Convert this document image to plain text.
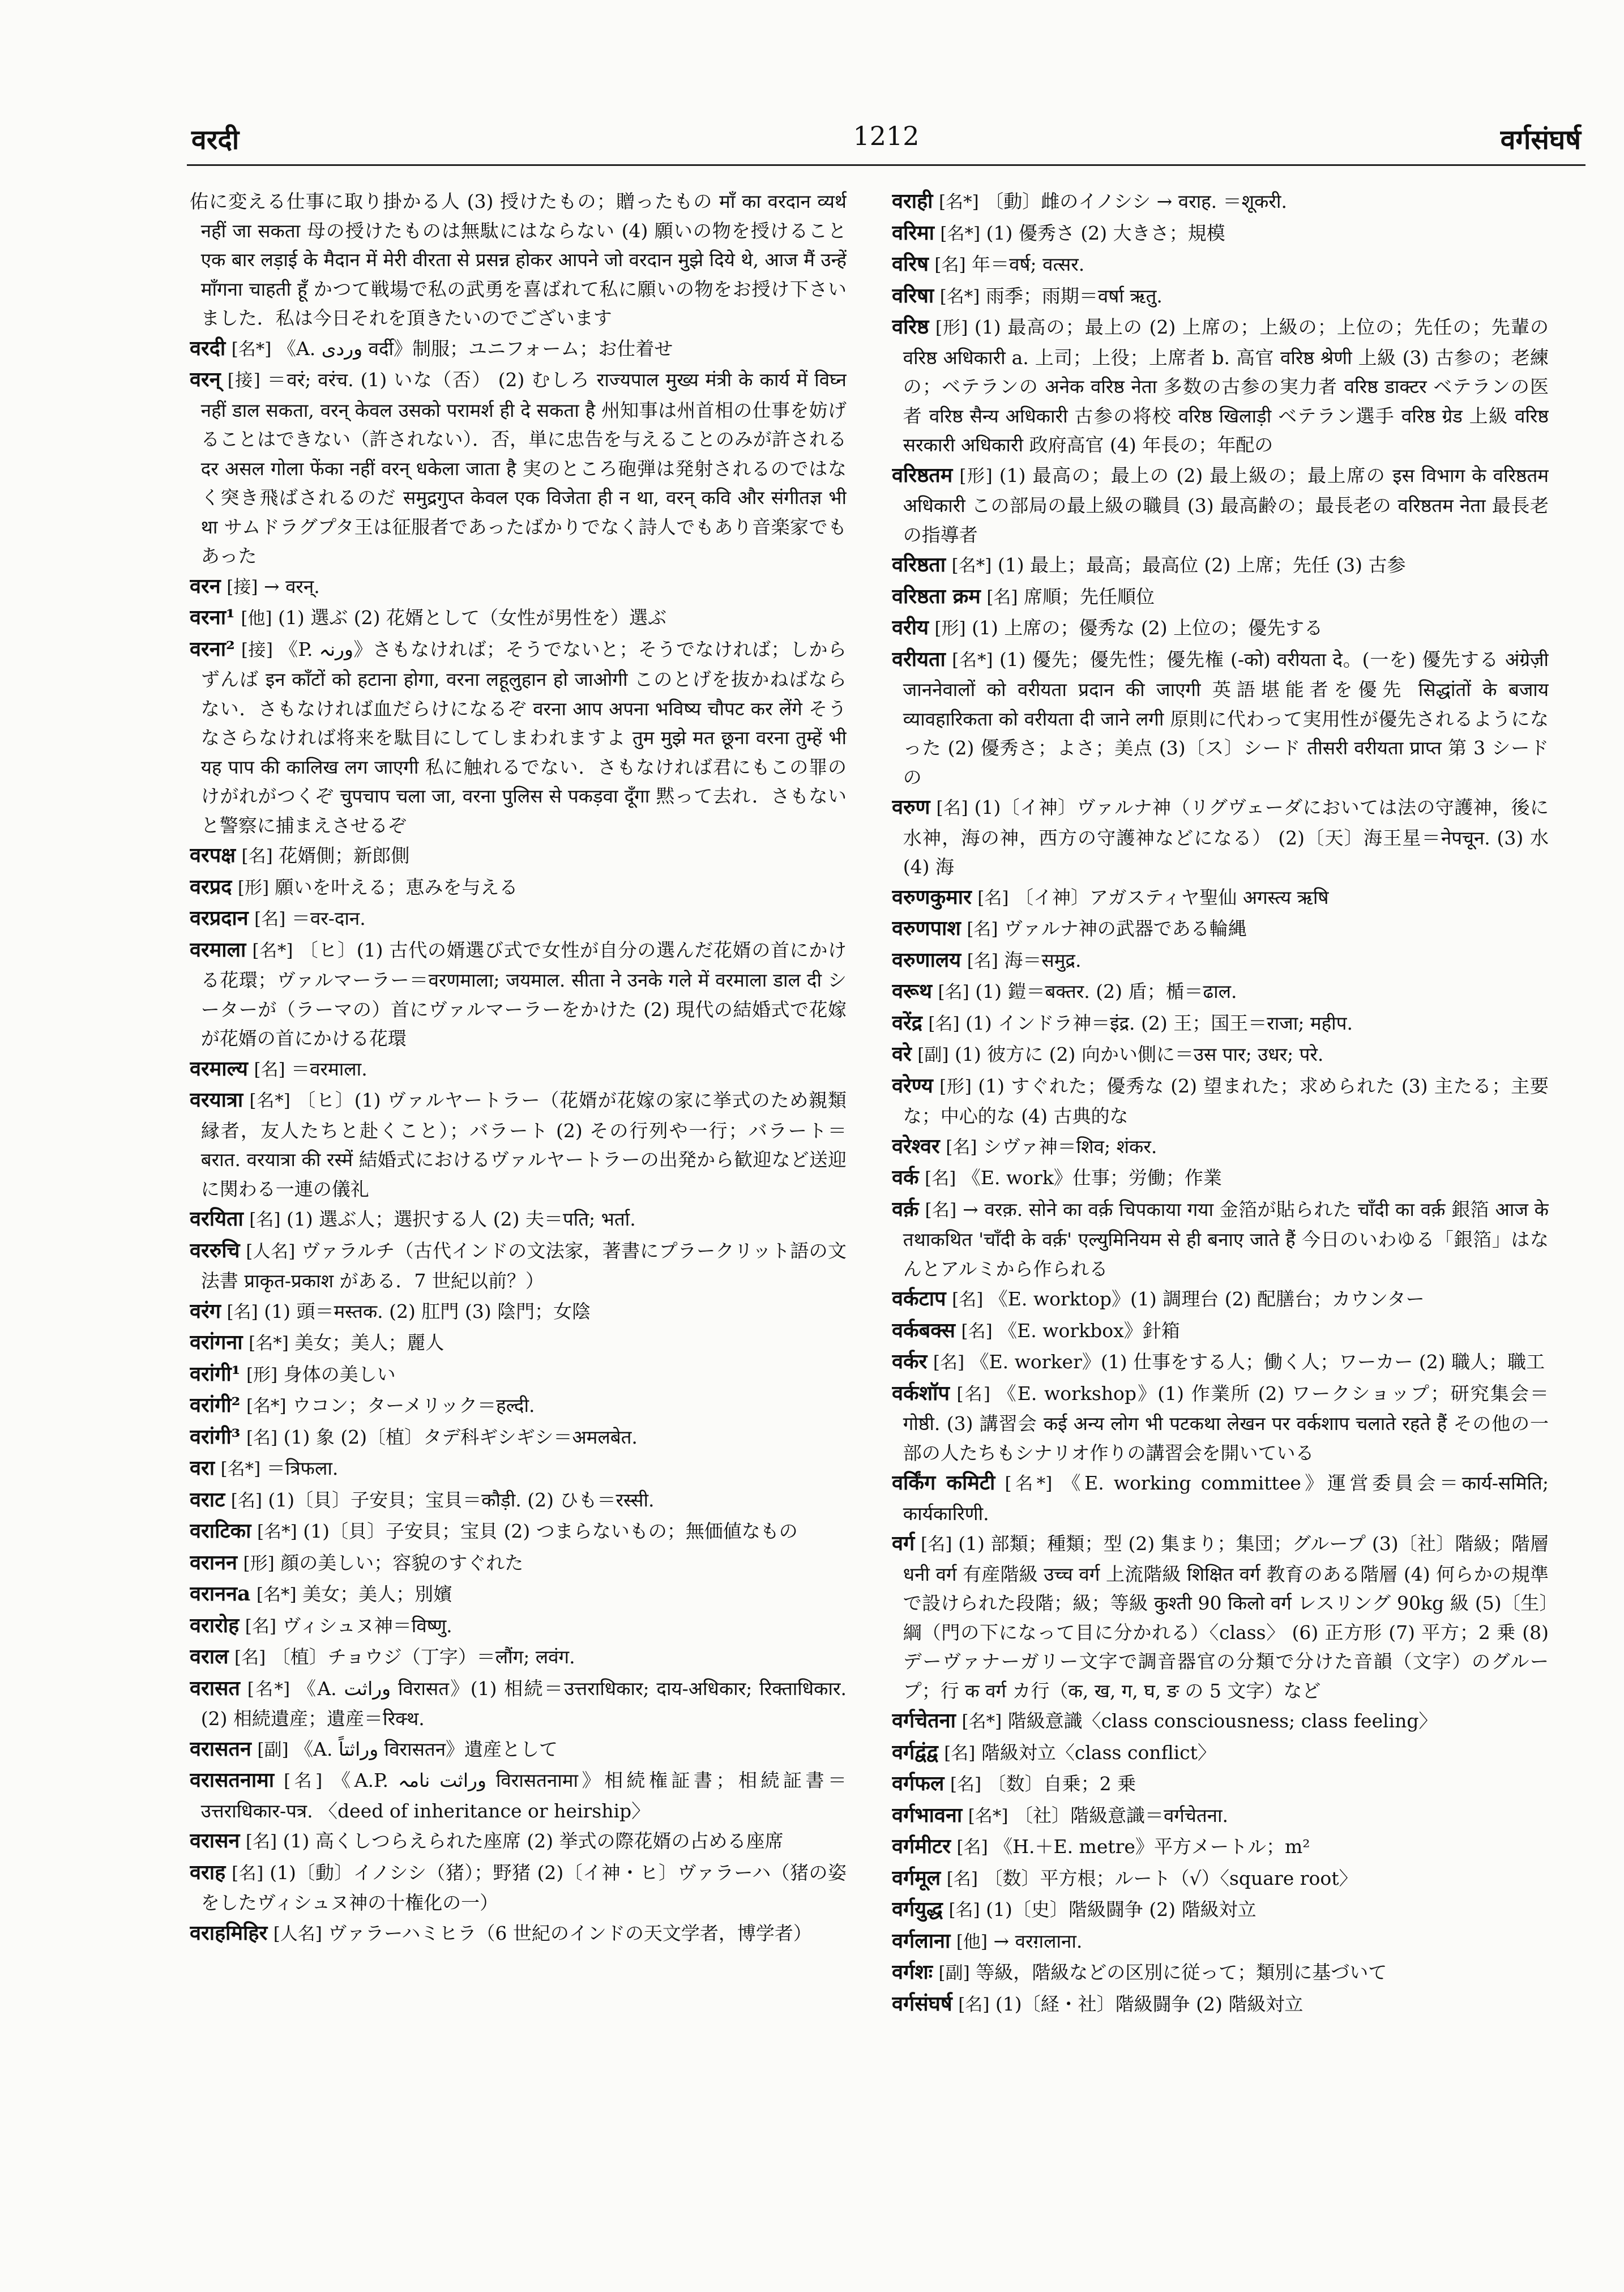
वरदी	1212	वर्गसंघर्ष

佑に変える仕事に取り掛かる人 (3) 授けたもの；贈ったもの माँ का वरदान व्यर्थ नहीं जा सकता 母の授けたものは無駄にはならない (4) 願いの物を授けること एक बार लड़ाई के मैदान में मेरी वीरता से प्रसन्न होकर आपने जो वरदान मुझे दिये थे, आज मैं उन्हें माँगना चाहती हूँ かつて戦場で私の武勇を喜ばれて私に願いの物をお授け下さいました．私は今日それを頂きたいのでございます

वरदी [名*] 《A. وردی वर्दी》制服；ユニフォーム；お仕着せ

वरन् [接] ＝वरं; वरंच. (1) いな（否） (2) むしろ राज्यपाल मुख्य मंत्री के कार्य में विघ्न नहीं डाल सकता, वरन् केवल उसको परामर्श ही दे सकता है 州知事は州首相の仕事を妨げることはできない（許されない）．否，単に忠告を与えることのみが許される दर असल गोला फेंका नहीं वरन् धकेला जाता है 実のところ砲弾は発射されるのではなく突き飛ばされるのだ समुद्रगुप्त केवल एक विजेता ही न था, वरन् कवि और संगीतज्ञ भी था サムドラグプタ王は征服者であったばかりでなく詩人でもあり音楽家でもあった

वरन [接] → वरन्.

वरना¹ [他] (1) 選ぶ (2) 花婿として（女性が男性を）選ぶ

वरना² [接] 《P. ورنہ》さもなければ；そうでないと；そうでなければ；しからずんば इन काँटों को हटाना होगा, वरना लहूलुहान हो जाओगी このとげを抜かねばならない．さもなければ血だらけになるぞ वरना आप अपना भविष्य चौपट कर लेंगे そうなさらなければ将来を駄目にしてしまわれますよ तुम मुझे मत छूना वरना तुम्हें भी यह पाप की कालिख लग जाएगी 私に触れるでない．さもなければ君にもこの罪のけがれがつくぞ चुपचाप चला जा, वरना पुलिस से पकड़वा दूँगा 黙って去れ．さもないと警察に捕まえさせるぞ

वरपक्ष [名] 花婿側；新郎側

वरप्रद [形] 願いを叶える；恵みを与える

वरप्रदान [名] ＝वर-दान.

वरमाला [名*] 〔ヒ〕(1) 古代の婿選び式で女性が自分の選んだ花婿の首にかける花環；ヴァルマーラー＝वरणमाला; जयमाल. सीता ने उनके गले में वरमाला डाल दी シーターが（ラーマの）首にヴァルマーラーをかけた (2) 現代の結婚式で花嫁が花婿の首にかける花環

वरमाल्य [名] ＝वरमाला.

वरयात्रा [名*] 〔ヒ〕(1) ヴァルヤートラー（花婿が花嫁の家に挙式のため親類縁者，友人たちと赴くこと）；バラート (2) その行列や一行；バラート＝बरात. वरयात्रा की रस्में 結婚式におけるヴァルヤートラーの出発から歓迎など送迎に関わる一連の儀礼

वरयिता [名] (1) 選ぶ人；選択する人 (2) 夫＝पति; भर्ता.

वररुचि [人名] ヴァラルチ（古代インドの文法家，著書にプラークリット語の文法書 प्राकृत-प्रकाश がある．7 世紀以前？）

वरंग [名] (1) 頭＝मस्तक. (2) 肛門 (3) 陰門；女陰

वरांगना [名*] 美女；美人；麗人

वरांगी¹ [形] 身体の美しい

वरांगी² [名*] ウコン；ターメリック＝हल्दी.

वरांगी³ [名] (1) 象 (2)〔植〕タデ科ギシギシ＝अमलबेत.

वरा [名*] ＝त्रिफला.

वराट [名] (1)〔貝〕子安貝；宝貝＝कौड़ी. (2) ひも＝रस्सी.

वराटिका [名*] (1)〔貝〕子安貝；宝貝 (2) つまらないもの；無価値なもの

वरानन [形] 顔の美しい；容貌のすぐれた

वराननa [名*] 美女；美人；別嬪

वरारोह [名] ヴィシュヌ神＝विष्णु.

वराल [名] 〔植〕チョウジ（丁字）＝लौंग; लवंग.

वरासत [名*] 《A. وراثت विरासत》(1) 相続＝उत्तराधिकार; दाय-अधिकार; रिक्ताधिकार. (2) 相続遺産；遺産＝रिक्थ.

वरासतन [副] 《A. وراثتاً विरासतन》遺産として

वरासतनामा [名] 《A.P. وراثت نامہ विरासतनामा》相続権証書；相続証書＝उत्तराधिकार-पत्र. 〈deed of inheritance or heirship〉

वरासन [名] (1) 高くしつらえられた座席 (2) 挙式の際花婿の占める座席

वराह [名] (1)〔動〕イノシシ（猪）；野猪 (2)〔イ神・ヒ〕ヴァラーハ（猪の姿をしたヴィシュヌ神の十権化の一）

वराहमिहिर [人名] ヴァラーハミヒラ（6 世紀のインドの天文学者，博学者）

वराही [名*] 〔動〕雌のイノシシ → वराह. ＝शूकरी.

वरिमा [名*] (1) 優秀さ (2) 大きさ；規模

वरिष [名] 年＝वर्ष; वत्सर.

वरिषा [名*] 雨季；雨期＝वर्षा ऋतु.

वरिष्ठ [形] (1) 最高の；最上の (2) 上席の；上級の；上位の；先任の；先輩の वरिष्ठ अधिकारी a. 上司；上役；上席者 b. 高官 वरिष्ठ श्रेणी 上級 (3) 古参の；老練の；ベテランの अनेक वरिष्ठ नेता 多数の古参の実力者 वरिष्ठ डाक्टर ベテランの医者 वरिष्ठ सैन्य अधिकारी 古参の将校 वरिष्ठ खिलाड़ी ベテラン選手 वरिष्ठ ग्रेड 上級 वरिष्ठ सरकारी अधिकारी 政府高官 (4) 年長の；年配の

वरिष्ठतम [形] (1) 最高の；最上の (2) 最上級の；最上席の इस विभाग के वरिष्ठतम अधिकारी この部局の最上級の職員 (3) 最高齢の；最長老の वरिष्ठतम नेता 最長老の指導者

वरिष्ठता [名*] (1) 最上；最高；最高位 (2) 上席；先任 (3) 古参

वरिष्ठता क्रम [名] 席順；先任順位

वरीय [形] (1) 上席の；優秀な (2) 上位の；優先する

वरीयता [名*] (1) 優先；優先性；優先権 (-को) वरीयता दे。(一を) 優先する अंग्रेज़ी जाननेवालों को वरीयता प्रदान की जाएगी 英語堪能者を優先 सिद्धांतों के बजाय व्यावहारिकता को वरीयता दी जाने लगी 原則に代わって実用性が優先されるようになった (2) 優秀さ；よさ；美点 (3)〔ス〕シード तीसरी वरीयता प्राप्त 第 3 シードの

वरुण [名] (1)〔イ神〕ヴァルナ神（リグヴェーダにおいては法の守護神，後に水神，海の神，西方の守護神などになる） (2)〔天〕海王星＝नेपचून. (3) 水 (4) 海

वरुणकुमार [名] 〔イ神〕アガスティヤ聖仙 अगस्त्य ऋषि

वरुणपाश [名] ヴァルナ神の武器である輪縄

वरुणालय [名] 海＝समुद्र.

वरूथ [名] (1) 鎧＝बक्तर. (2) 盾；楯＝ढाल.

वरेंद्र [名] (1) インドラ神＝इंद्र. (2) 王；国王＝राजा; महीप.

वरे [副] (1) 彼方に (2) 向かい側に＝उस पार; उधर; परे.

वरेण्य [形] (1) すぐれた；優秀な (2) 望まれた；求められた (3) 主たる；主要な；中心的な (4) 古典的な

वरेश्वर [名] シヴァ神＝शिव; शंकर.

वर्क [名] 《E. work》仕事；労働；作業

वर्क़ [名] → वरक़. सोने का वर्क़ चिपकाया गया 金箔が貼られた चाँदी का वर्क़ 銀箔 आज के तथाकथित 'चाँदी के वर्क़' एल्युमिनियम से ही बनाए जाते हैं 今日のいわゆる「銀箔」はなんとアルミから作られる

वर्कटाप [名] 《E. worktop》(1) 調理台 (2) 配膳台；カウンター

वर्कबक्स [名] 《E. workbox》針箱

वर्कर [名] 《E. worker》(1) 仕事をする人；働く人；ワーカー (2) 職人；職工

वर्कशॉप [名] 《E. workshop》(1) 作業所 (2) ワークショップ；研究集会＝गोष्ठी. (3) 講習会 कई अन्य लोग भी पटकथा लेखन पर वर्कशाप चलाते रहते हैं その他の一部の人たちもシナリオ作りの講習会を開いている

वर्किंग कमिटी [名*] 《E. working committee》運営委員会＝कार्य-समिति; कार्यकारिणी.

वर्ग [名] (1) 部類；種類；型 (2) 集まり；集団；グループ (3)〔社〕階級；階層 धनी वर्ग 有産階級 उच्च वर्ग 上流階級 शिक्षित वर्ग 教育のある階層 (4) 何らかの規準で設けられた段階；級；等級 कुश्ती 90 किलो वर्ग レスリング 90kg 級 (5)〔生〕綱（門の下になって目に分かれる）〈class〉 (6) 正方形 (7) 平方；2 乗 (8) デーヴァナーガリー文字で調音器官の分類で分けた音韻（文字）のグループ；行 क वर्ग カ行（क, ख, ग, घ, ङ の 5 文字）など

वर्गचेतना [名*] 階級意識〈class consciousness; class feeling〉

वर्गद्वंद्व [名] 階級対立〈class conflict〉

वर्गफल [名] 〔数〕自乗；2 乗

वर्गभावना [名*] 〔社〕階級意識＝वर्गचेतना.

वर्गमीटर [名] 《H.＋E. metre》平方メートル；m²

वर्गमूल [名] 〔数〕平方根；ルート（√）〈square root〉

वर्गयुद्ध [名] (1)〔史〕階級闘争 (2) 階級対立

वर्गलाना [他] → वरग़लाना.

वर्गशः [副] 等級，階級などの区別に従って；類別に基づいて

वर्गसंघर्ष [名] (1)〔経・社〕階級闘争 (2) 階級対立
